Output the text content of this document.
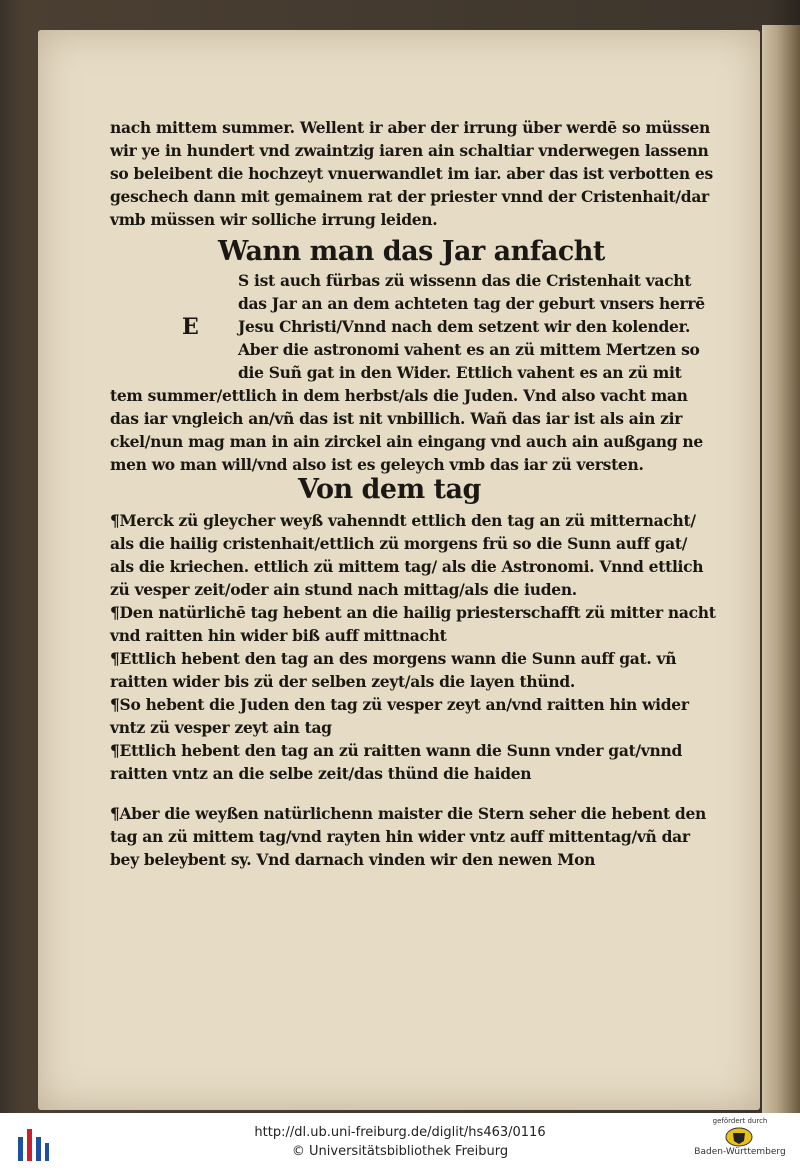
nach mittem summer. Wellent ir aber der irrung über werdē so müssen
wir ye in hundert vnd zwaintzig iaren ain schaltiar vnderwegen lassenn
so beleibent die hochzeyt vnuerwandlet im iar. aber das ist verbotten es
geschech dann mit gemainem rat der priester vnnd der Cristenhait/dar
vmb müssen wir solliche irrung leiden.
Wann man das Jar anfacht
E
S ist auch fürbas zü wissenn das die Cristenhait vacht
das Jar an an dem achteten tag der geburt vnsers herrē
Jesu Christi/Vnnd nach dem setzent wir den kolender.
Aber die astronomi vahent es an zü mittem Mertzen so
die Suñ gat in den Wider. Ettlich vahent es an zü mit
tem summer/ettlich in dem herbst/als die Juden. Vnd also vacht man
das iar vngleich an/vñ das ist nit vnbillich. Wañ das iar ist als ain zir
ckel/nun mag man in ain zirckel ain eingang vnd auch ain außgang ne
men wo man will/vnd also ist es geleych vmb das iar zü versten.
Von dem tag
¶Merck zü gleycher weyß vahenndt ettlich den tag an zü mitternacht/
als die hailig cristenhait/ettlich zü morgens frü so die Sunn auff gat/
als die kriechen. ettlich zü mittem tag/ als die Astronomi. Vnnd ettlich
zü vesper zeit/oder ain stund nach mittag/als die iuden.
¶Den natürlichē tag hebent an die hailig priesterschafft zü mitter nacht
vnd raitten hin wider biß auff mittnacht
¶Ettlich hebent den tag an des morgens wann die Sunn auff gat. vñ
raitten wider bis zü der selben zeyt/als die layen thünd.
¶So hebent die Juden den tag zü vesper zeyt an/vnd raitten hin wider
vntz zü vesper zeyt ain tag
¶Ettlich hebent den tag an zü raitten wann die Sunn vnder gat/vnnd
raitten vntz an die selbe zeit/das thünd die haiden
¶Aber die weyßen natürlichenn maister die Stern seher die hebent den
tag an zü mittem tag/vnd rayten hin wider vntz auff mittentag/vñ dar
bey beleybent sy. Vnd darnach vinden wir den newen Mon
http://dl.ub.uni-freiburg.de/diglit/hs463/0116
© Universitätsbibliothek Freiburg
gefördert durch
Baden-Württemberg
